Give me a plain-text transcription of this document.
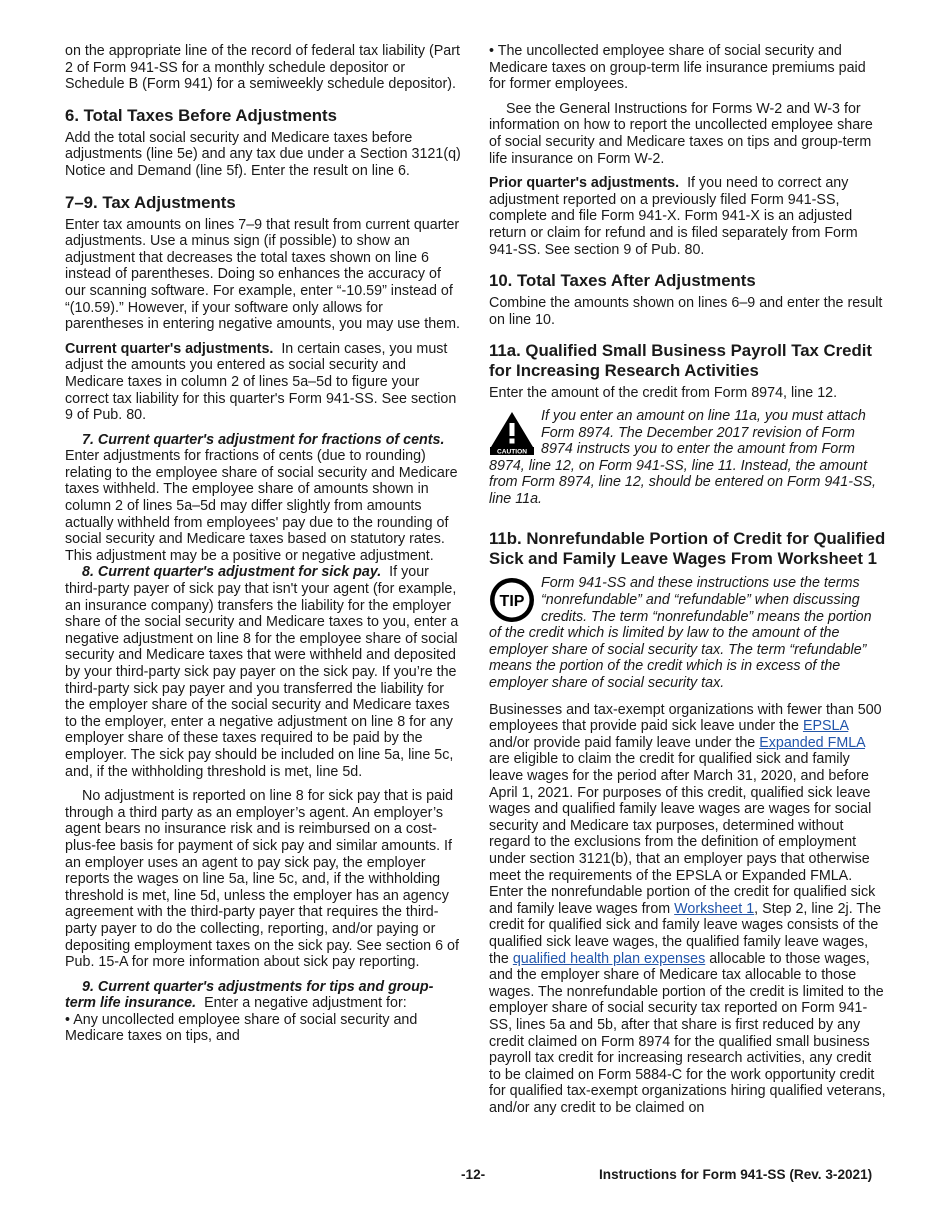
on the appropriate line of the record of federal tax liability (Part 2 of Form 941-SS for a monthly schedule depositor or Schedule B (Form 941) for a semiweekly schedule depositor).

6. Total Taxes Before Adjustments

Add the total social security and Medicare taxes before adjustments (line 5e) and any tax due under a Section 3121(q) Notice and Demand (line 5f). Enter the result on line 6.

7–9. Tax Adjustments

Enter tax amounts on lines 7–9 that result from current quarter adjustments. Use a minus sign (if possible) to show an adjustment that decreases the total taxes shown on line 6 instead of parentheses. Doing so enhances the accuracy of our scanning software. For example, enter “-10.59” instead of “(10.59).” However, if your software only allows for parentheses in entering negative amounts, you may use them.

Current quarter's adjustments. In certain cases, you must adjust the amounts you entered as social security and Medicare taxes in column 2 of lines 5a–5d to figure your correct tax liability for this quarter's Form 941-SS. See section 9 of Pub. 80.

7. Current quarter's adjustment for fractions of cents. Enter adjustments for fractions of cents (due to rounding) relating to the employee share of social security and Medicare taxes withheld. The employee share of amounts shown in column 2 of lines 5a–5d may differ slightly from amounts actually withheld from employees' pay due to the rounding of social security and Medicare taxes based on statutory rates. This adjustment may be a positive or negative adjustment.

8. Current quarter's adjustment for sick pay. If your third-party payer of sick pay that isn't your agent (for example, an insurance company) transfers the liability for the employer share of the social security and Medicare taxes to you, enter a negative adjustment on line 8 for the employee share of social security and Medicare taxes that were withheld and deposited by your third-party sick pay payer on the sick pay. If you’re the third-party sick pay payer and you transferred the liability for the employer share of the social security and Medicare taxes to the employer, enter a negative adjustment on line 8 for any employer share of these taxes required to be paid by the employer. The sick pay should be included on line 5a, line 5c, and, if the withholding threshold is met, line 5d.

No adjustment is reported on line 8 for sick pay that is paid through a third party as an employer’s agent. An employer’s agent bears no insurance risk and is reimbursed on a cost-plus-fee basis for payment of sick pay and similar amounts. If an employer uses an agent to pay sick pay, the employer reports the wages on line 5a, line 5c, and, if the withholding threshold is met, line 5d, unless the employer has an agency agreement with the third-party payer that requires the third-party payer to do the collecting, reporting, and/or paying or depositing employment taxes on the sick pay. See section 6 of Pub. 15-A for more information about sick pay reporting.

9. Current quarter's adjustments for tips and group-term life insurance. Enter a negative adjustment for:

• Any uncollected employee share of social security and Medicare taxes on tips, and

• The uncollected employee share of social security and Medicare taxes on group-term life insurance premiums paid for former employees.

See the General Instructions for Forms W-2 and W-3 for information on how to report the uncollected employee share of social security and Medicare taxes on tips and group-term life insurance on Form W-2.

Prior quarter's adjustments. If you need to correct any adjustment reported on a previously filed Form 941-SS, complete and file Form 941-X. Form 941-X is an adjusted return or claim for refund and is filed separately from Form 941-SS. See section 9 of Pub. 80.

10. Total Taxes After Adjustments

Combine the amounts shown on lines 6–9 and enter the result on line 10.

11a. Qualified Small Business Payroll Tax Credit for Increasing Research Activities

Enter the amount of the credit from Form 8974, line 12.

CAUTION
If you enter an amount on line 11a, you must attach Form 8974. The December 2017 revision of Form 8974 instructs you to enter the amount from Form 8974, line 12, on Form 941-SS, line 11. Instead, the amount from Form 8974, line 12, should be entered on Form 941-SS, line 11a.
11b. Nonrefundable Portion of Credit for Qualified Sick and Family Leave Wages From Worksheet 1
TIP
Form 941-SS and these instructions use the terms “nonrefundable” and “refundable” when discussing credits. The term “nonrefundable” means the portion of the credit which is limited by law to the amount of the employer share of social security tax. The term “refundable” means the portion of the credit which is in excess of the employer share of social security tax.

Businesses and tax-exempt organizations with fewer than 500 employees that provide paid sick leave under the EPSLA and/or provide paid family leave under the Expanded FMLA are eligible to claim the credit for qualified sick and family leave wages for the period after March 31, 2020, and before April 1, 2021. For purposes of this credit, qualified sick leave wages and qualified family leave wages are wages for social security and Medicare tax purposes, determined without regard to the exclusions from the definition of employment under section 3121(b), that an employer pays that otherwise meet the requirements of the EPSLA or Expanded FMLA. Enter the nonrefundable portion of the credit for qualified sick and family leave wages from Worksheet 1, Step 2, line 2j. The credit for qualified sick and family leave wages consists of the qualified sick leave wages, the qualified family leave wages, the qualified health plan expenses allocable to those wages, and the employer share of Medicare tax allocable to those wages. The nonrefundable portion of the credit is limited to the employer share of social security tax reported on Form 941-SS, lines 5a and 5b, after that share is first reduced by any credit claimed on Form 8974 for the qualified small business payroll tax credit for increasing research activities, any credit to be claimed on Form 5884-C for the work opportunity credit for qualified tax-exempt organizations hiring qualified veterans, and/or any credit to be claimed on

-12-	Instructions for Form 941-SS (Rev. 3-2021)
